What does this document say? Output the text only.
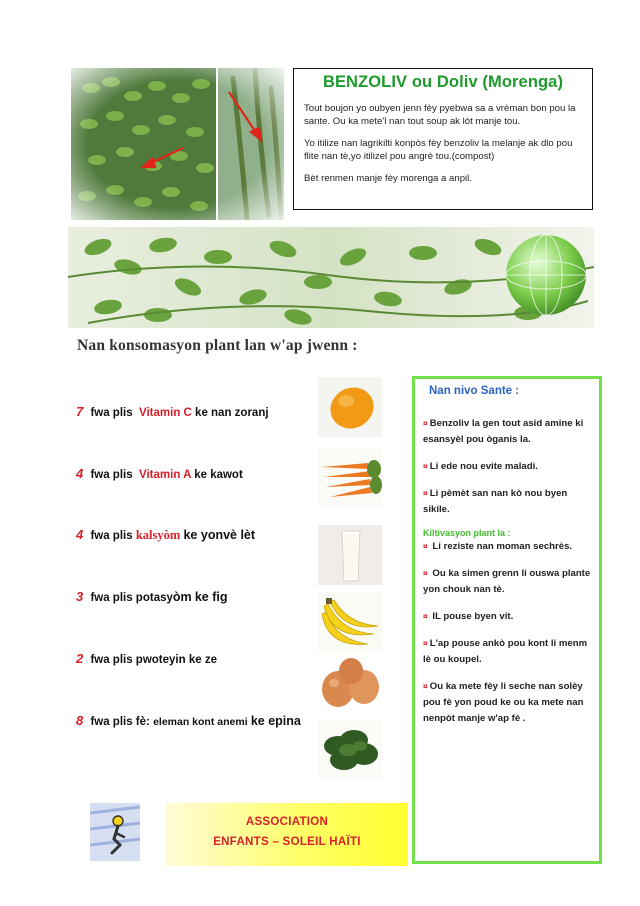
BENZOLIV ou Doliv (Morenga)

Tout boujon yo oubyen jenn fèy pyebwa sa a vrèman bon pou la sante. Ou ka mete'l nan tout soup ak lòt manje tou.

Yo itilize nan lagrikilti konpòs fèy benzoliv la melanje ak dlo pou flite nan tè,yo itilizel pou angrè tou.(compost)

Bèt renmen manje fèy morenga a anpil.

Nan konsomasyon plant lan w'ap jwenn :
7 fwa plis Vitamin C ke nan zoranj
4 fwa plis Vitamin A ke kawot
4 fwa plis kalsyòm ke yonvè lèt
3 fwa plis potasyòm ke fig
2 fwa plis pwoteyin ke ze
8 fwa plis fè: eleman kont anemi ke epina
Nan nivo Sante :
¤ Benzoliv la gen tout asid amine ki esansyèl pou òganis la.
¤ Li ede nou evite maladi.
¤ Li pèmèt san nan kò nou byen sikile.
Kiltivasyon plant la :
¤ Li reziste nan moman sechrès.
¤ Ou ka simen grenn li ouswa plante yon chouk nan tè.
¤ IL pouse byen vit.
¤ L'ap pouse ankò pou kont li menm lè ou koupel.
¤ Ou ka mete fèy li seche nan solèy pou fè yon poud ke ou ka mete nan nenpòt manje w'ap fè .
ASSOCIATION
ENFANTS – SOLEIL HAÏTI
